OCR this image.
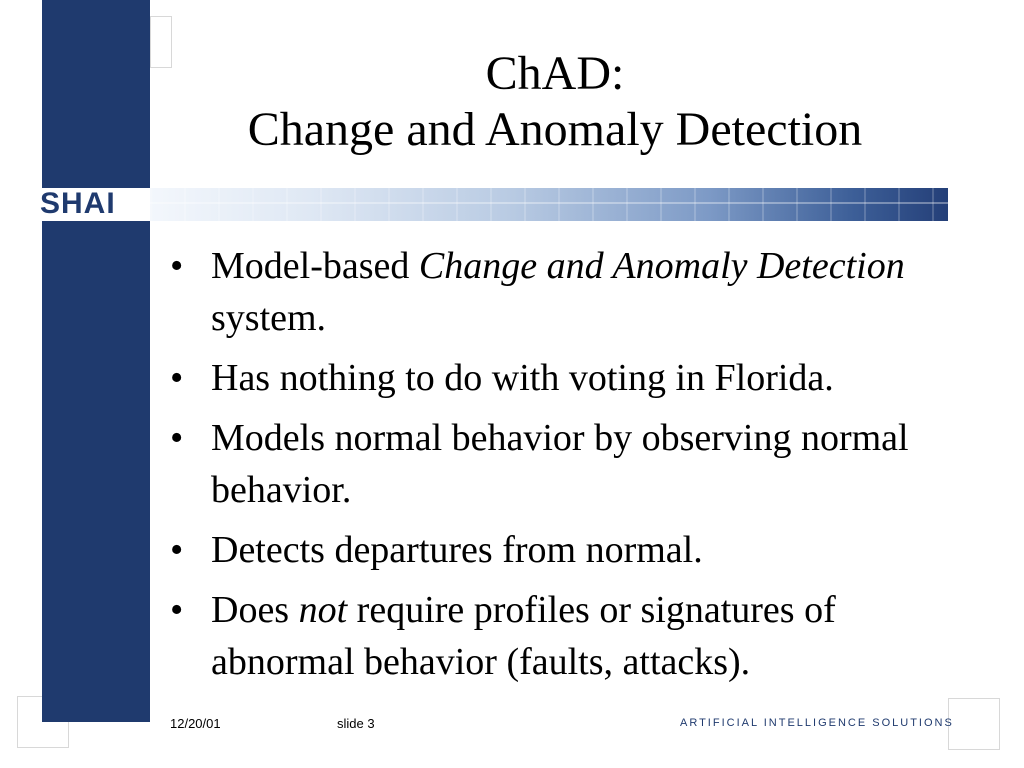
SHAI
ChAD:
Change and Anomaly Detection
• Model-based Change and Anomaly Detection system.
• Has nothing to do with voting in Florida.
• Models normal behavior by observing normal behavior.
• Detects departures from normal.
• Does not require profiles or signatures of abnormal behavior (faults, attacks).
12/20/01	slide 3	ARTIFICIAL INTELLIGENCE SOLUTIONS
